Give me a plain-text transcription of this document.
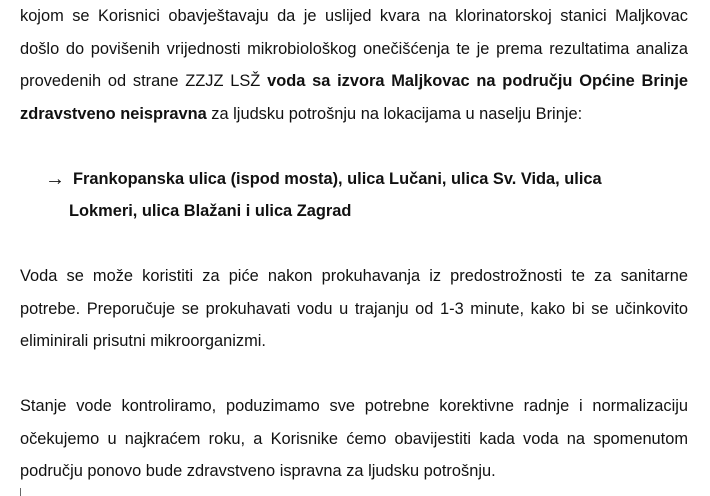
kojom se Korisnici obavještavaju da je uslijed kvara na klorinatorskoj stanici Maljkovac došlo do povišenih vrijednosti mikrobiološkog onečišćenja te je prema rezultatima analiza provedenih od strane ZZJZ LSŽ voda sa izvora Maljkovac na području Općine Brinje zdravstveno neispravna za ljudsku potrošnju na lokacijama u naselju Brinje:

→ Frankopanska ulica (ispod mosta), ulica Lučani, ulica Sv. Vida, ulica
Lokmeri, ulica Blažani i ulica Zagrad

Voda se može koristiti za piće nakon prokuhavanja iz predostrožnosti te za sanitarne potrebe. Preporučuje se prokuhavati vodu u trajanju od 1-3 minute, kako bi se učinkovito eliminirali prisutni mikroorganizmi.

Stanje vode kontroliramo, poduzimamo sve potrebne korektivne radnje i normalizaciju očekujemo u najkraćem roku, a Korisnike ćemo obavijestiti kada voda na spomenutom području ponovo bude zdravstveno ispravna za ljudsku potrošnju.
